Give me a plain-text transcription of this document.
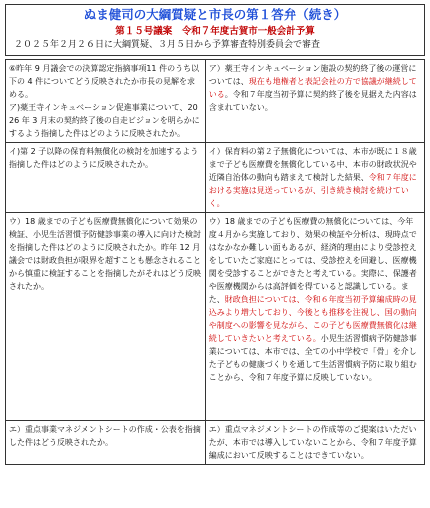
ぬま健司の大綱質疑と市長の第１答弁（続き）
第１５号議案　令和７年度古賀市一般会計予算
２０２５年２月２６日に大綱質疑、３月５日から予算審査特別委員会で審査
⑥昨年 9 月議会での決算認定指摘事項11 件のうち以下の 4 件についてどう反映されたか市長の見解を求める。
ア)薬王寺インキュベーション促進事業について、2026 年 3 月末の契約終了後の自走ビジョンを明らかにするよう指摘した件はどのように反映されたか。	ア）薬王寺インキュベーション施設の契約終了後の運営については、現在も地権者と表記会社の方で協議が継続している。令和７年度当初予算に契約終了後を見据えた内容は含まれていない。
イ)第 2 子以降の保育料無償化の検討を加速するよう指摘した件はどのように反映されたか。	イ）保育料の第２子無償化については、本市が既に１８歳まで子ども医療費を無償化している中、本市の財政状況や近隣自治体の動向も踏まえて検討した結果、令和７年度における実施は見送っているが、引き続き検討を続けていく。
ウ）18 歳までの子ども医療費無償化について効果の検証、小児生活習慣予防健診事業の導入に向けた検討を指摘した件はどのように反映されたか。昨年 12 月議会では財政負担が限界を超すことも懸念されることから慎重に検証することを指摘したがそれはどう反映されたか。	ウ）18 歳までの子ども医療費の無償化については、今年度４月から実施しており、効果の検証や分析は、現時点ではなかなか難しい面もあるが、経済的理由により受診控えをしていたご家庭にとっては、受診控えを回避し、医療機関を受診することができたと考えている。実際に、保護者や医療機関からは高評価を得ていると認識している。また、財政負担については、令和６年度当初予算編成時の見込みより増大しており、今後とも推移を注視し、国の動向や制度への影響を見ながら、この子ども医療費無償化は継続していきたいと考えている。小児生活習慣病予防健診事業については、本市では、全ての小中学校で「骨」を介した子どもの健康づくりを通して生活習慣病予防に取り組むことから、令和７年度予算に反映していない。
エ）重点事業マネジメントシートの作成・公表を指摘した件はどう反映されたか。	エ）重点マネジメントシートの作成等のご提案はいただいたが、本市では導入していないことから、令和７年度予算編成において反映することはできていない。
